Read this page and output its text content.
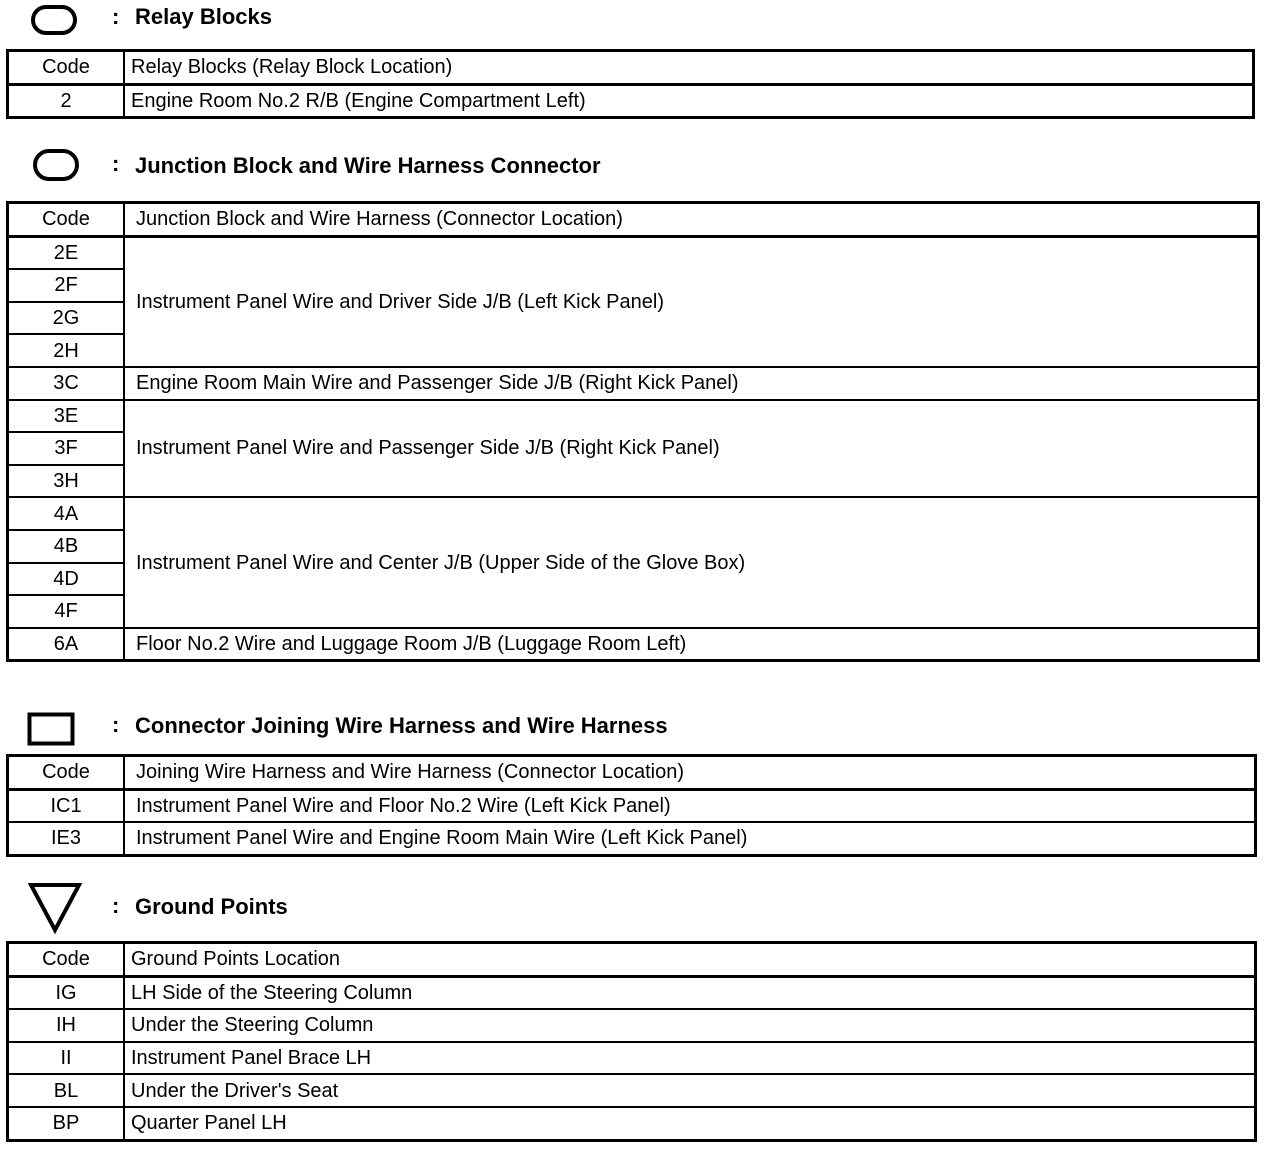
: Relay Blocks
Code	Relay Blocks (Relay Block Location)
2	Engine Room No.2 R/B (Engine Compartment Left)
: Junction Block and Wire Harness Connector
Code	Junction Block and Wire Harness (Connector Location)
2E	Instrument Panel Wire and Driver Side J/B (Left Kick Panel)
2F	
2G	
2H	
3C	Engine Room Main Wire and Passenger Side J/B (Right Kick Panel)
3E	Instrument Panel Wire and Passenger Side J/B (Right Kick Panel)
3F	
3H	
4A	Instrument Panel Wire and Center J/B (Upper Side of the Glove Box)
4B	
4D	
4F	
6A	Floor No.2 Wire and Luggage Room J/B (Luggage Room Left)
: Connector Joining Wire Harness and Wire Harness
Code	Joining Wire Harness and Wire Harness (Connector Location)
IC1	Instrument Panel Wire and Floor No.2 Wire (Left Kick Panel)
IE3	Instrument Panel Wire and Engine Room Main Wire (Left Kick Panel)
: Ground Points
Code	Ground Points Location
IG	LH Side of the Steering Column
IH	Under the Steering Column
II	Instrument Panel Brace LH
BL	Under the Driver's Seat
BP	Quarter Panel LH
